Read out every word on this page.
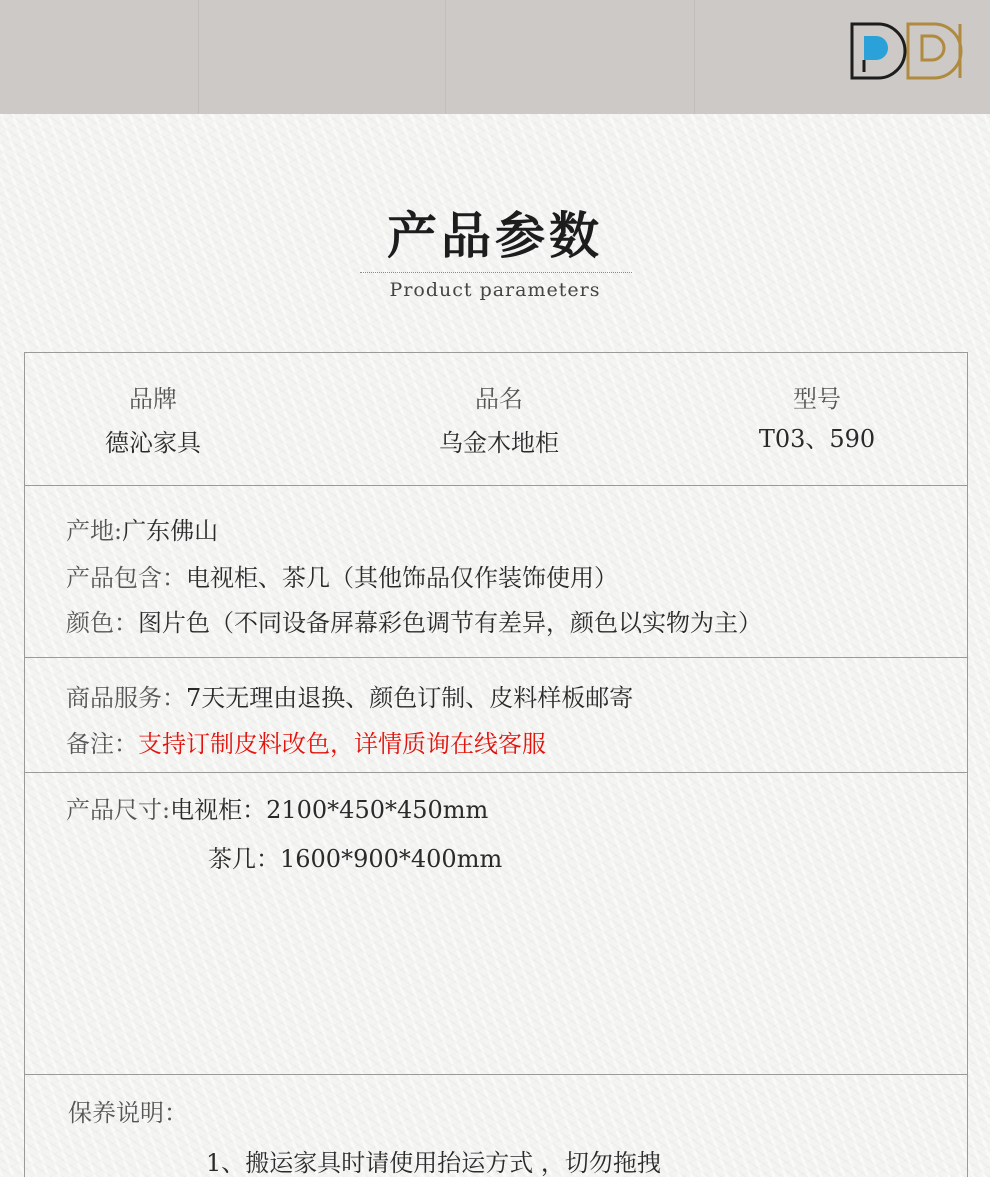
产品参数
Product parameters
品牌
德沁家具
品名
乌金木地柜
型号
T03、590
产地:广东佛山
产品包含：电视柜、茶几（其他饰品仅作装饰使用）
颜色：图片色（不同设备屏幕彩色调节有差异，颜色以实物为主）
商品服务：7天无理由退换、颜色订制、皮料样板邮寄
备注：支持订制皮料改色，详情质询在线客服
产品尺寸:电视柜：2100*450*450mm
茶几：1600*900*400mm
保养说明：
1、搬运家具时请使用抬运方式 ，切勿拖拽
